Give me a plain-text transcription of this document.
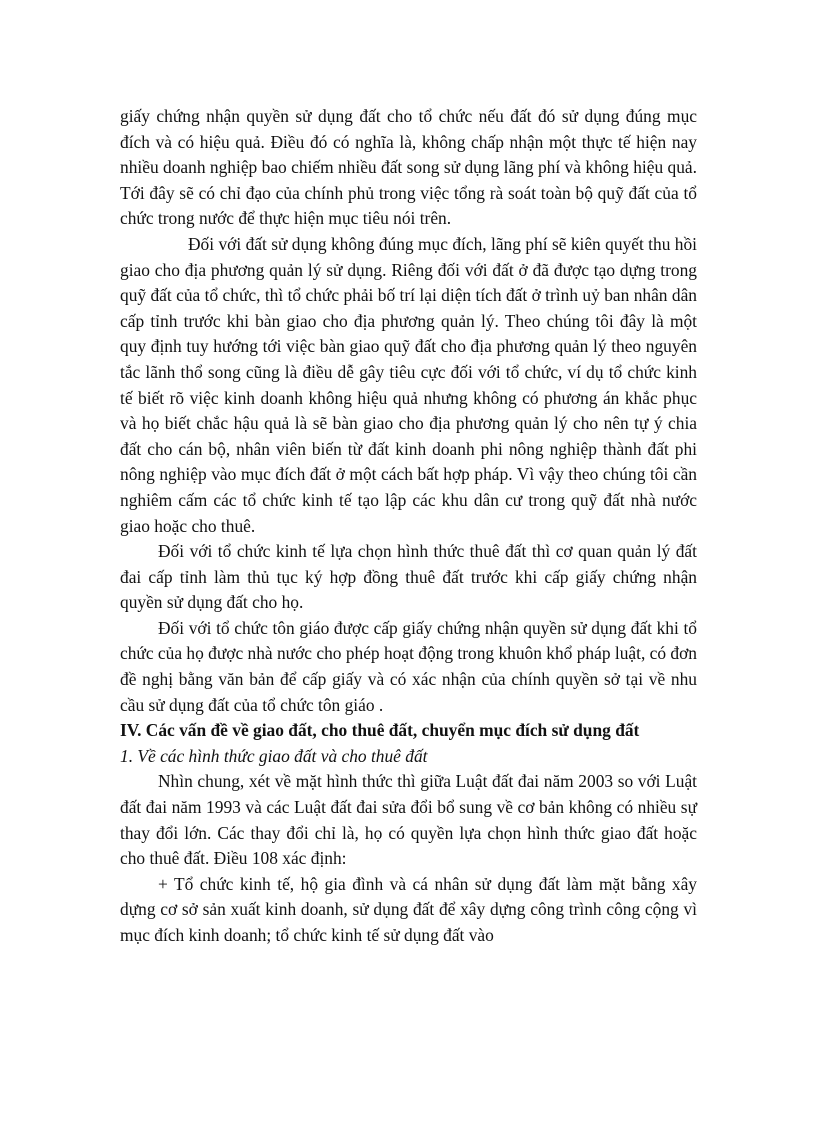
giấy chứng nhận quyền sử dụng đất cho tổ chức nếu đất đó sử dụng đúng mục đích và có hiệu quả. Điều đó có nghĩa là, không chấp nhận một thực tế hiện nay nhiều doanh nghiệp bao chiếm nhiều đất song sử dụng lãng phí và không hiệu quả. Tới đây sẽ có chỉ đạo của chính phủ trong việc tổng rà soát toàn bộ quỹ đất của tổ chức trong nước để thực hiện mục tiêu nói trên.

Đối với đất sử dụng không đúng mục đích, lãng phí sẽ kiên quyết thu hồi giao cho địa phương quản lý sử dụng. Riêng đối với đất ở đã được tạo dựng trong quỹ đất của tổ chức, thì tổ chức phải bố trí lại diện tích đất ở trình uỷ ban nhân dân cấp tỉnh trước khi bàn giao cho địa phương quản lý. Theo chúng tôi đây là một quy định tuy hướng tới việc bàn giao quỹ đất cho địa phương quản lý theo nguyên tắc lãnh thổ song cũng là điều dễ gây tiêu cực đối với tổ chức, ví dụ tổ chức kinh tế biết rõ việc kinh doanh không hiệu quả nhưng không có phương án khắc phục và họ biết chắc hậu quả là sẽ bàn giao cho địa phương quản lý cho nên tự ý chia đất cho cán bộ, nhân viên biến từ đất kinh doanh phi nông nghiệp thành đất phi nông nghiệp vào mục đích đất ở một cách bất hợp pháp. Vì vậy theo chúng tôi cần nghiêm cấm các tổ chức kinh tế tạo lập các khu dân cư trong quỹ đất nhà nước giao hoặc cho thuê.

Đối với tổ chức kinh tế lựa chọn hình thức thuê đất thì cơ quan quản lý đất đai cấp tỉnh làm thủ tục ký hợp đồng thuê đất trước khi cấp giấy chứng nhận quyền sử dụng đất cho họ.

Đối với tổ chức tôn giáo được cấp giấy chứng nhận quyền sử dụng đất khi tổ chức của họ được nhà nước cho phép hoạt động trong khuôn khổ pháp luật, có đơn đề nghị bằng văn bản để cấp giấy và có xác nhận của chính quyền sở tại về nhu cầu sử dụng đất của tổ chức tôn giáo .

IV. Các vấn đề về giao đất, cho thuê đất, chuyển mục đích sử dụng đất

1. Về các hình thức giao đất và cho thuê đất

Nhìn chung, xét về mặt hình thức thì giữa Luật đất đai năm 2003 so với Luật đất đai năm 1993 và các Luật đất đai sửa đổi bổ sung về cơ bản không có nhiều sự thay đổi lớn. Các thay đổi chỉ là, họ có quyền lựa chọn hình thức giao đất hoặc cho thuê đất. Điều 108 xác định:

+ Tổ chức kinh tế, hộ gia đình và cá nhân sử dụng đất làm mặt bằng xây dựng cơ sở sản xuất kinh doanh, sử dụng đất để xây dựng công trình công cộng vì mục đích kinh doanh; tổ chức kinh tế sử dụng đất vào
